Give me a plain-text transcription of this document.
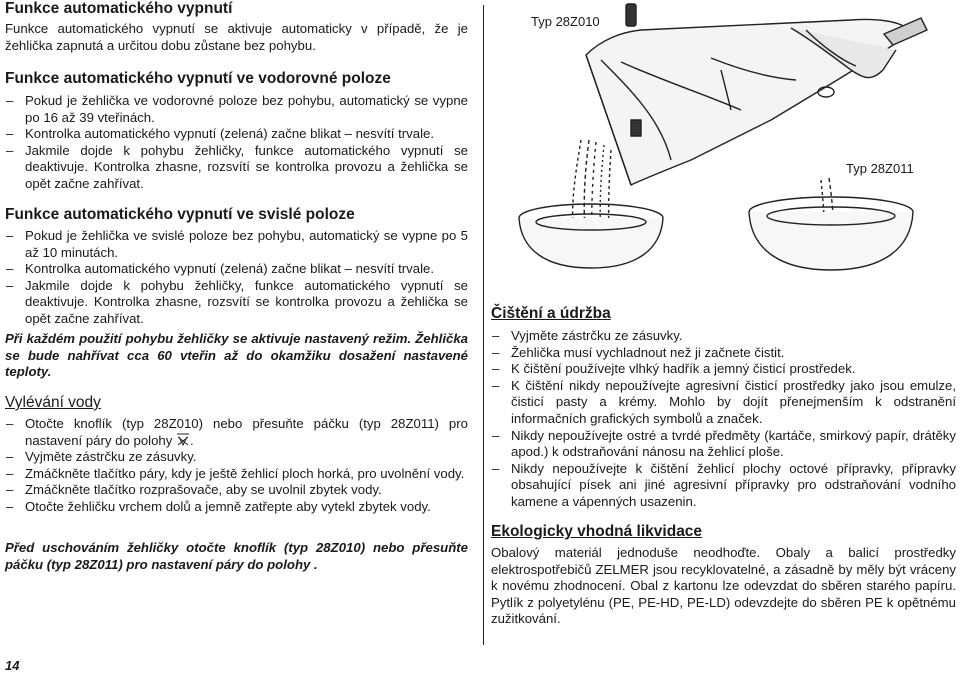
Funkce automatického vypnutí

Funkce automatického vypnutí se aktivuje automaticky v případě, že je žehlička zapnutá a určitou dobu zůstane bez pohybu.

Funkce automatického vypnutí ve vodorovné poloze
– Pokud je žehlička ve vodorovné poloze bez pohybu, automatický se vypne po 16 až 39 vteřinách.
– Kontrolka automatického vypnutí (zelená) začne blikat – nesvítí trvale.
– Jakmile dojde k pohybu žehličky, funkce automatického vypnutí se deaktivuje. Kontrolka zhasne, rozsvítí se kontrolka provozu a žehlička se opět začne zahřívat.
Funkce automatického vypnutí ve svislé poloze
– Pokud je žehlička ve svislé poloze bez pohybu, automatický se vypne po 5 až 10 minutách.
– Kontrolka automatického vypnutí (zelená) začne blikat – nesvítí trvale.
– Jakmile dojde k pohybu žehličky, funkce automatického vypnutí se deaktivuje. Kontrolka zhasne, rozsvítí se kontrolka provozu a žehlička se opět začne zahřívat.

Při každém použití pohybu žehličky se aktivuje nastavený režim. Žehlička se bude nahřívat cca 60 vteřin až do okamžiku dosažení nastavené teploty.

Vylévání vody
– Otočte knoflík (typ 28Z010) nebo přesuňte páčku (typ 28Z011) pro nastavení páry do polohy .
– Vyjměte zástrčku ze zásuvky.
– Zmáčkněte tlačítko páry, kdy je ještě žehlicí ploch horká, pro uvolnění vody.
– Zmáčkněte tlačítko rozprašovače, aby se uvolnil zbytek vody.
– Otočte žehličku vrchem dolů a jemně zatřepte aby vytekl zbytek vody.

Před uschováním žehličky otočte knoflík (typ 28Z010) nebo přesuňte páčku (typ 28Z011) pro nastavení páry do polohy .

Typ 28Z010
Typ 28Z011
Čištění a údržba
– Vyjměte zástrčku ze zásuvky.
– Žehlička musí vychladnout než ji začnete čistit.
– K čištění používejte vlhký hadřík a jemný čisticí prostředek.
– K čištění nikdy nepoužívejte agresivní čisticí prostředky jako jsou emulze, čisticí pasty a krémy. Mohlo by dojít přenejmenším k odstranění informačních grafických symbolů a značek.
– Nikdy nepoužívejte ostré a tvrdé předměty (kartáče, smirkový papír, drátěky apod.) k odstraňování nánosu na žehlicí ploše.
– Nikdy nepoužívejte k čištění žehlicí plochy octové přípravky, přípravky obsahující písek ani jiné agresivní přípravky pro odstraňování vodního kamene a vápenných usazenin.
Ekologicky vhodná likvidace

Obalový materiál jednoduše neodhoďte. Obaly a balicí prostředky elektrospotřebičů ZELMER jsou recyklovatelné, a zásadně by měly být vráceny k novému zhodnocení. Obal z kartonu lze odevzdat do sběren starého papíru. Pytlík z polyetylénu (PE, PE-HD, PE-LD) odevzdejte do sběren PE k opětnému zužitkování.

14
